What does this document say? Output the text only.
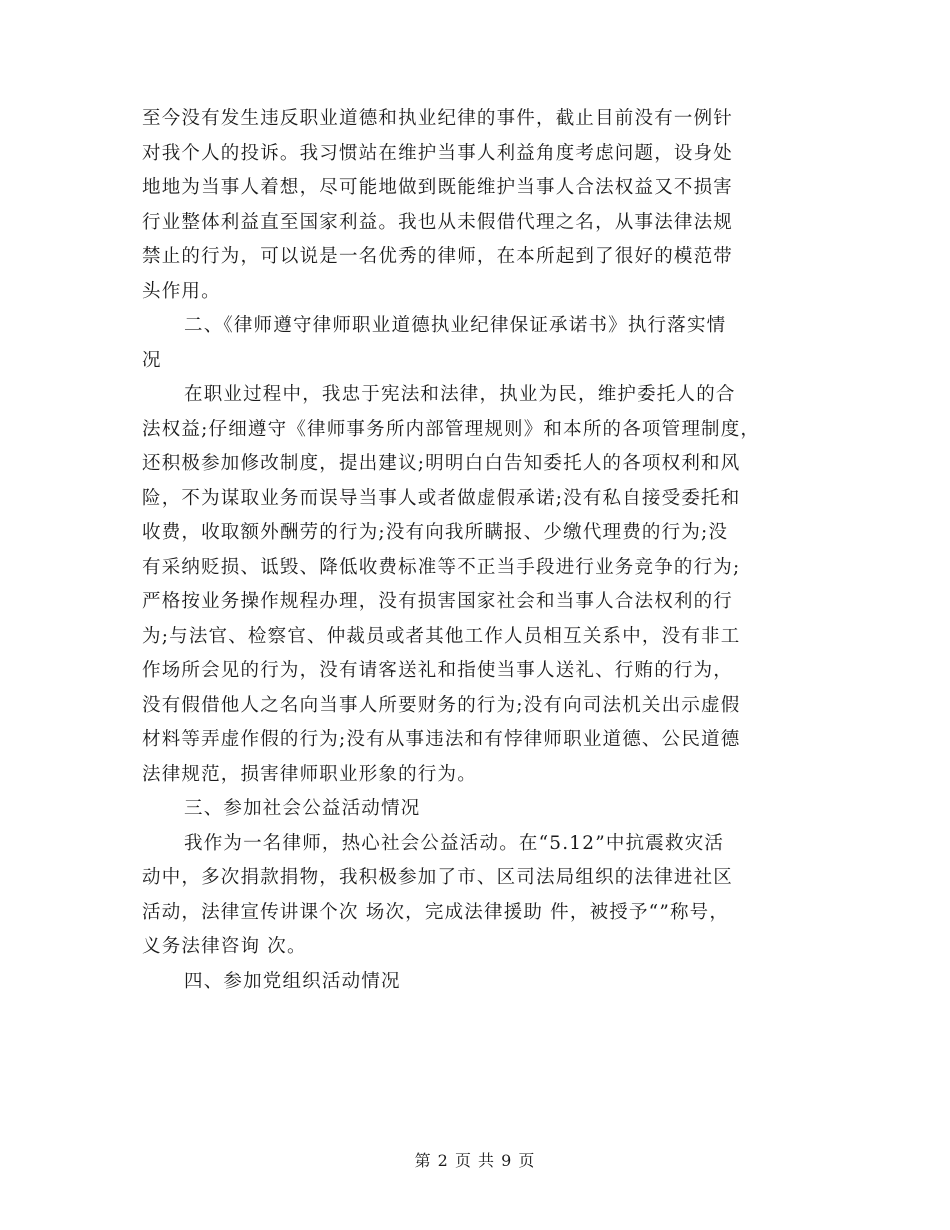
至今没有发生违反职业道德和执业纪律的事件，截止目前没有一例针
对我个人的投诉。我习惯站在维护当事人利益角度考虑问题，设身处
地地为当事人着想，尽可能地做到既能维护当事人合法权益又不损害
行业整体利益直至国家利益。我也从未假借代理之名，从事法律法规
禁止的行为，可以说是一名优秀的律师，在本所起到了很好的模范带
头作用。
二、《律师遵守律师职业道德执业纪律保证承诺书》执行落实情
况
在职业过程中，我忠于宪法和法律，执业为民，维护委托人的合
法权益;仔细遵守《律师事务所内部管理规则》和本所的各项管理制度，
还积极参加修改制度，提出建议;明明白白告知委托人的各项权利和风
险，不为谋取业务而误导当事人或者做虚假承诺;没有私自接受委托和
收费，收取额外酬劳的行为;没有向我所瞒报、少缴代理费的行为;没
有采纳贬损、诋毁、降低收费标准等不正当手段进行业务竞争的行为;
严格按业务操作规程办理，没有损害国家社会和当事人合法权利的行
为;与法官、检察官、仲裁员或者其他工作人员相互关系中，没有非工
作场所会见的行为，没有请客送礼和指使当事人送礼、行贿的行为，
没有假借他人之名向当事人所要财务的行为;没有向司法机关出示虚假
材料等弄虚作假的行为;没有从事违法和有悖律师职业道德、公民道德
法律规范，损害律师职业形象的行为。
三、参加社会公益活动情况
我作为一名律师，热心社会公益活动。在“5.12”中抗震救灾活
动中，多次捐款捐物，我积极参加了市、区司法局组织的法律进社区
活动，法律宣传讲课个次 场次，完成法律援助 件，被授予“”称号，
义务法律咨询 次。
四、参加党组织活动情况
第 2 页 共 9 页
